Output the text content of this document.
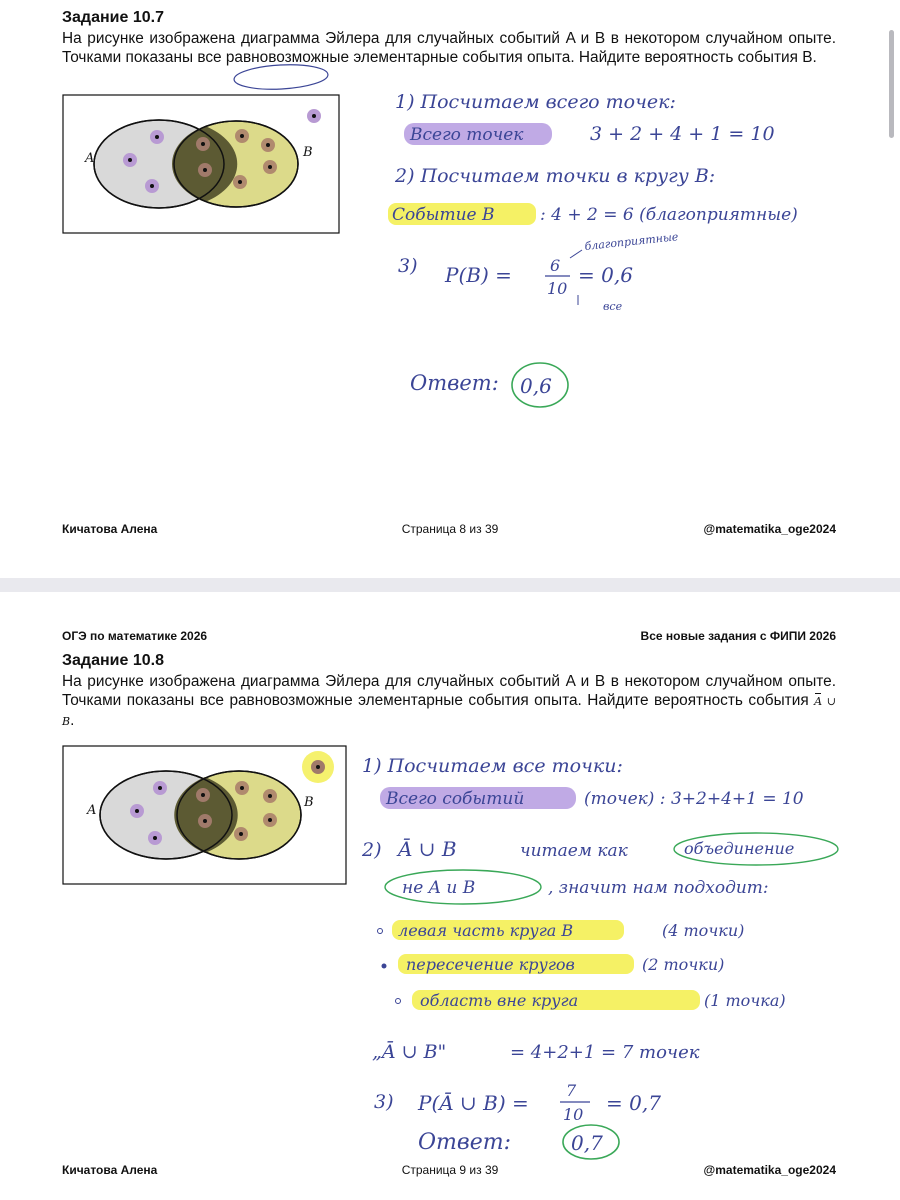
Задание 10.7

На рисунке изображена диаграмма Эйлера для случайных событий A и B в некотором случайном опыте. Точками показаны все равновозможные элементарные события опыта. Найдите вероятность события B.

A	B
1) Посчитаем всего точек:
Всего точек	3 + 2 + 4 + 1 = 10
2) Посчитаем точки в кругу B:
Событие B	: 4 + 2 = 6 (благоприятные)
3) P(B) = 6
10
= 0,6
благоприятные
все
Ответ: 0,6
Кичатова Алена	Страница 8 из 39	@matematika_oge2024
ОГЭ по математике 2026	Все новые задания с ФИПИ 2026
Задание 10.8

На рисунке изображена диаграмма Эйлера для случайных событий A и B в некотором случайном опыте. Точками показаны все равновозможные элементарные события опыта. Найдите вероятность события A ∪ B.

A
B
1) Посчитаем все точки:
Всего событий	(точек) : 3+2+4+1 = 10
2) Ā ∪ B	читаем как	объединение
не A и B	, значит нам подходит:
левая часть круга B	(4 точки)
пересечение кругов	(2 точки)
область вне круга	(1 точка)
„Ā ∪ B"	= 4+2+1 = 7 точек
3) P(Ā ∪ B) =
7
10 = 0,7
Ответ:	0,7
Кичатова Алена	Страница 9 из 39	@matematika_oge2024
